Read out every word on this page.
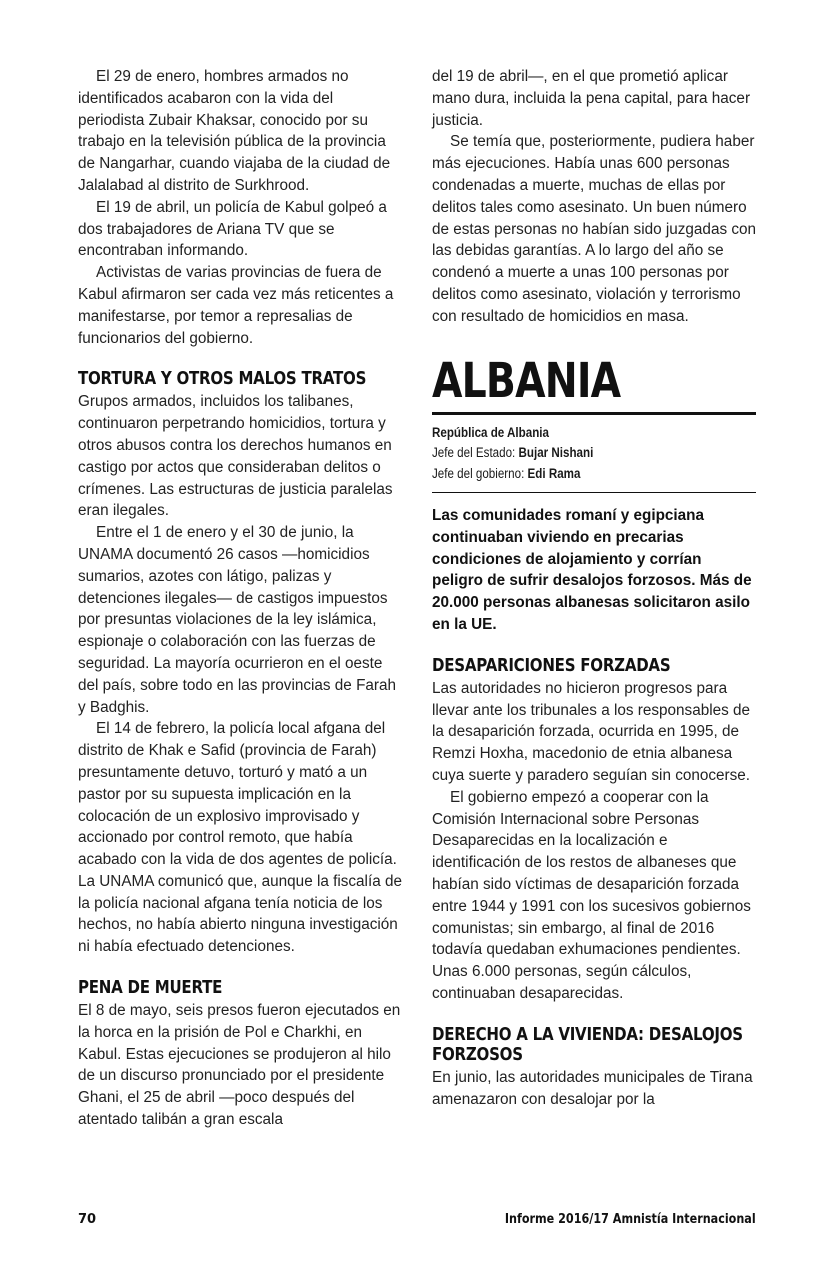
El 29 de enero, hombres armados no identificados acabaron con la vida del periodista Zubair Khaksar, conocido por su trabajo en la televisión pública de la provincia de Nangarhar, cuando viajaba de la ciudad de Jalalabad al distrito de Surkhrood.

El 19 de abril, un policía de Kabul golpeó a dos trabajadores de Ariana TV que se encontraban informando.

Activistas de varias provincias de fuera de Kabul afirmaron ser cada vez más reticentes a manifestarse, por temor a represalias de funcionarios del gobierno.

TORTURA Y OTROS MALOS TRATOS

Grupos armados, incluidos los talibanes, continuaron perpetrando homicidios, tortura y otros abusos contra los derechos humanos en castigo por actos que consideraban delitos o crímenes. Las estructuras de justicia paralelas eran ilegales.

Entre el 1 de enero y el 30 de junio, la UNAMA documentó 26 casos —homicidios sumarios, azotes con látigo, palizas y detenciones ilegales— de castigos impuestos por presuntas violaciones de la ley islámica, espionaje o colaboración con las fuerzas de seguridad. La mayoría ocurrieron en el oeste del país, sobre todo en las provincias de Farah y Badghis.

El 14 de febrero, la policía local afgana del distrito de Khak e Safid (provincia de Farah) presuntamente detuvo, torturó y mató a un pastor por su supuesta implicación en la colocación de un explosivo improvisado y accionado por control remoto, que había acabado con la vida de dos agentes de policía. La UNAMA comunicó que, aunque la fiscalía de la policía nacional afgana tenía noticia de los hechos, no había abierto ninguna investigación ni había efectuado detenciones.

PENA DE MUERTE

El 8 de mayo, seis presos fueron ejecutados en la horca en la prisión de Pol e Charkhi, en Kabul. Estas ejecuciones se produjeron al hilo de un discurso pronunciado por el presidente Ghani, el 25 de abril —poco después del atentado talibán a gran escala

del 19 de abril—, en el que prometió aplicar mano dura, incluida la pena capital, para hacer justicia.

Se temía que, posteriormente, pudiera haber más ejecuciones. Había unas 600 personas condenadas a muerte, muchas de ellas por delitos tales como asesinato. Un buen número de estas personas no habían sido juzgadas con las debidas garantías. A lo largo del año se condenó a muerte a unas 100 personas por delitos como asesinato, violación y terrorismo con resultado de homicidios en masa.

ALBANIA
República de Albania
Jefe del Estado: Bujar Nishani
Jefe del gobierno: Edi Rama

Las comunidades romaní y egipciana continuaban viviendo en precarias condiciones de alojamiento y corrían peligro de sufrir desalojos forzosos. Más de 20.000 personas albanesas solicitaron asilo en la UE.

DESAPARICIONES FORZADAS

Las autoridades no hicieron progresos para llevar ante los tribunales a los responsables de la desaparición forzada, ocurrida en 1995, de Remzi Hoxha, macedonio de etnia albanesa cuya suerte y paradero seguían sin conocerse.

El gobierno empezó a cooperar con la Comisión Internacional sobre Personas Desaparecidas en la localización e identificación de los restos de albaneses que habían sido víctimas de desaparición forzada entre 1944 y 1991 con los sucesivos gobiernos comunistas; sin embargo, al final de 2016 todavía quedaban exhumaciones pendientes. Unas 6.000 personas, según cálculos, continuaban desaparecidas.

DERECHO A LA VIVIENDA: DESALOJOS FORZOSOS

En junio, las autoridades municipales de Tirana amenazaron con desalojar por la

70	Informe 2016/17 Amnistía Internacional
